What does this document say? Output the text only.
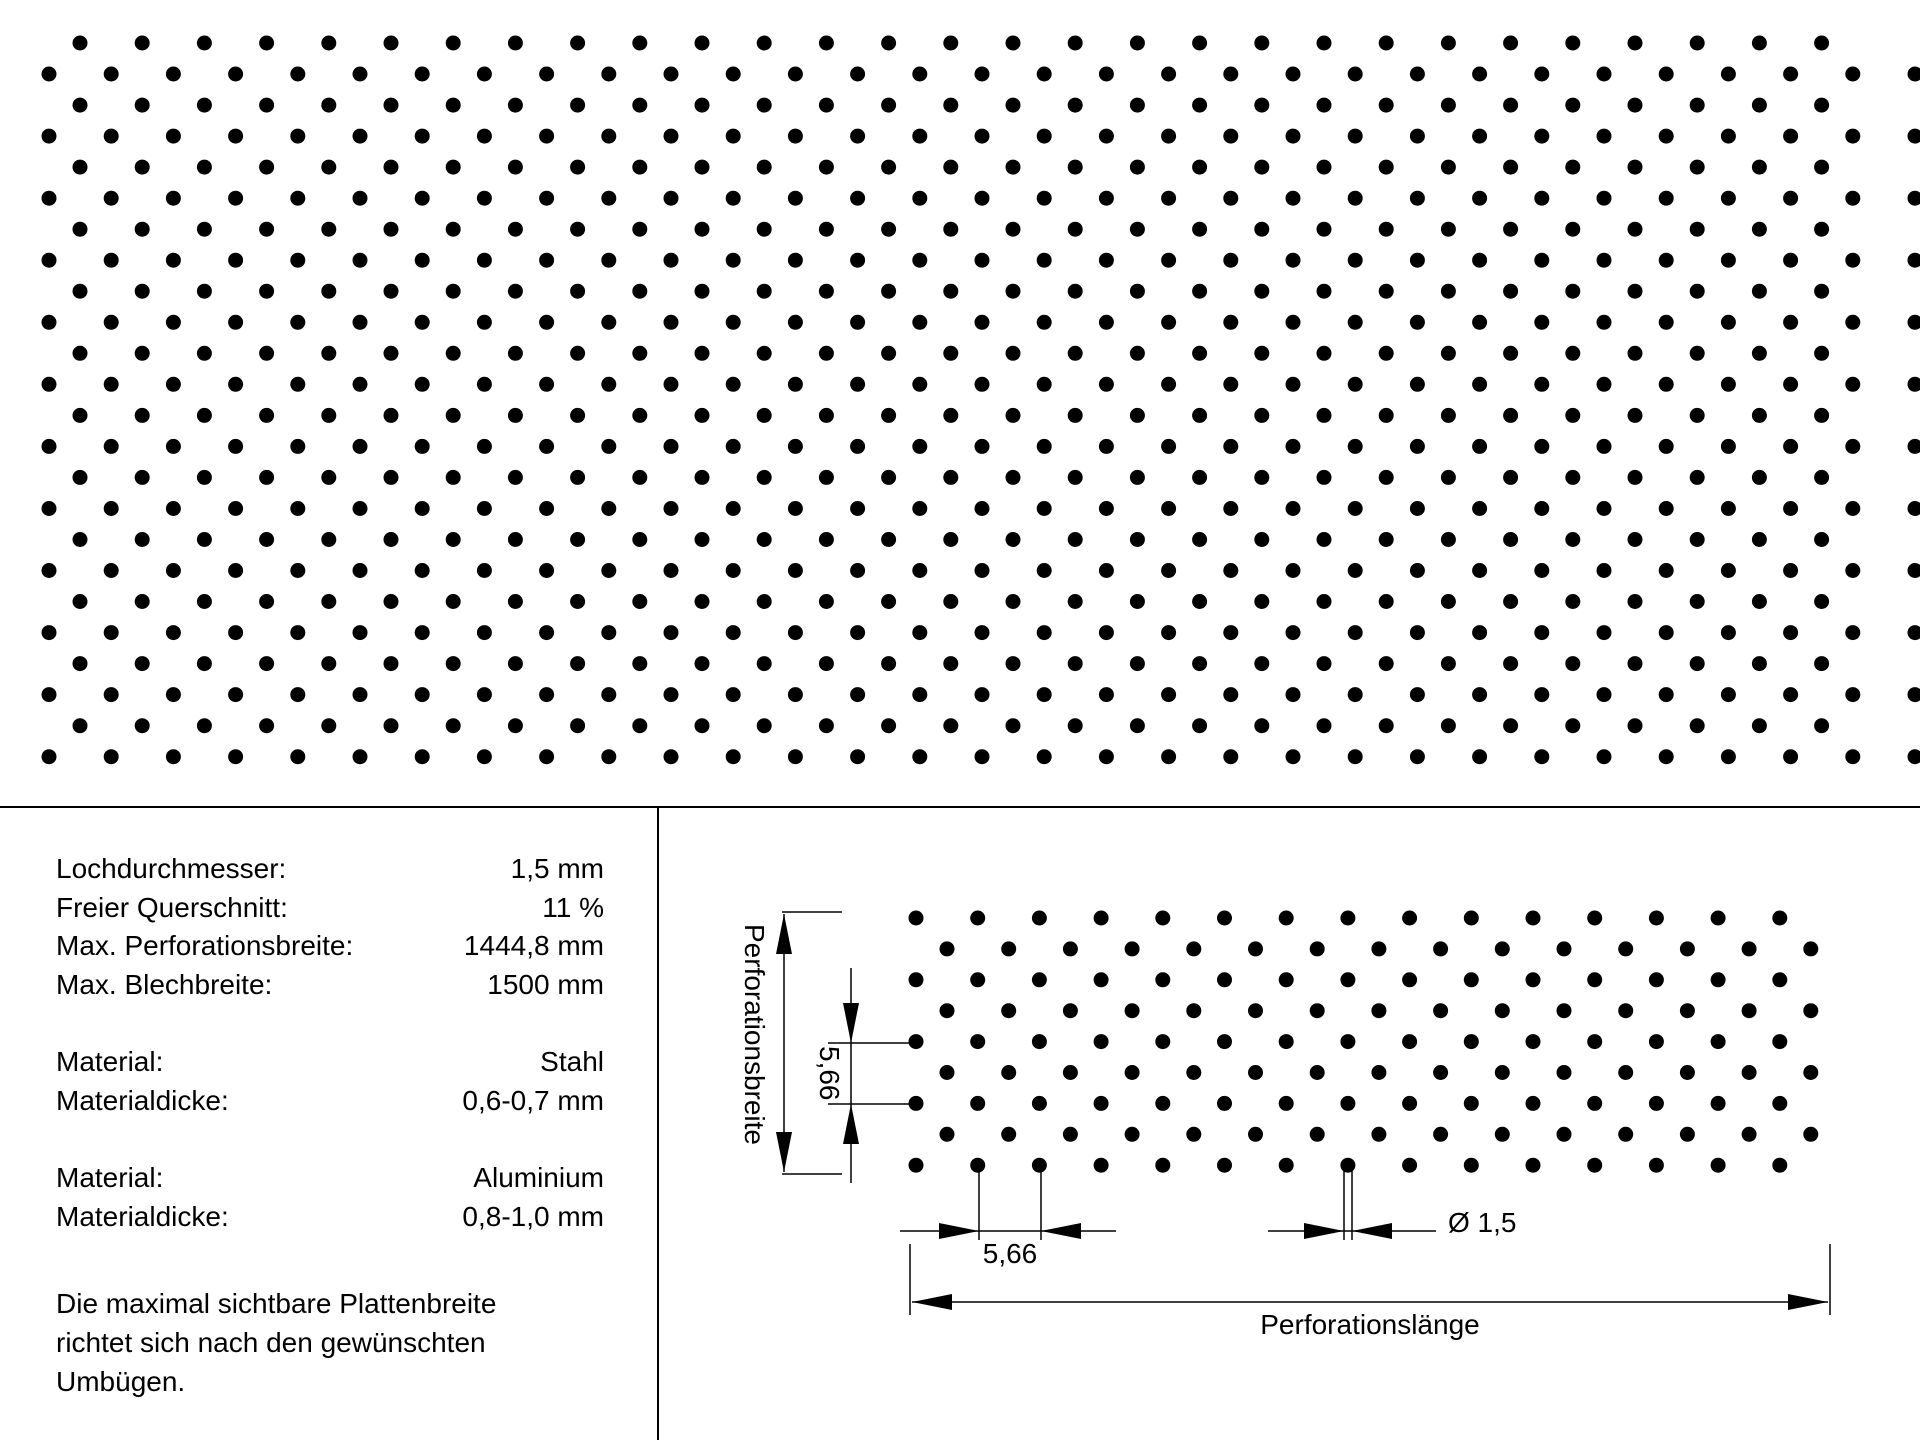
Lochdurchmesser:	1,5 mm
Freier Querschnitt:	11 %
Max. Perforationsbreite:	1444,8 mm
Max. Blechbreite:	1500 mm
Material:	Stahl
Materialdicke:	0,6-0,7 mm
Material:	Aluminium
Materialdicke:	0,8-1,0 mm
Die maximal sichtbare Plattenbreite
richtet sich nach den gewünschten
Umbügen.
Perforationsbreite 5,66
5,66
Ø 1,5
Perforationslänge
